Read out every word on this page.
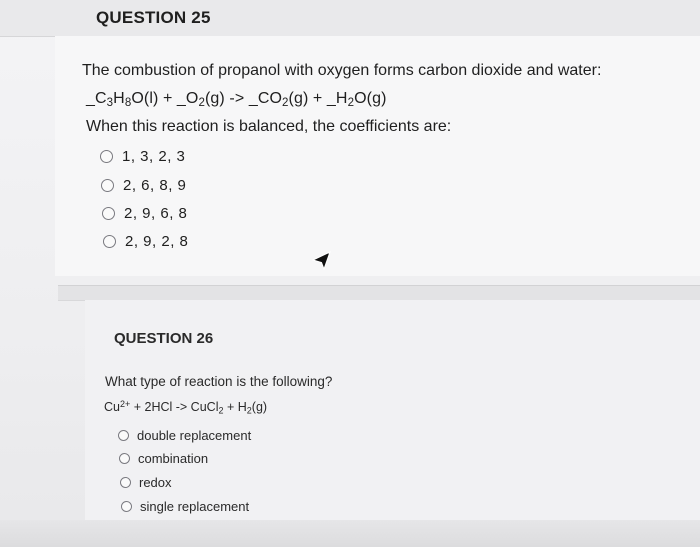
QUESTION 25
The combustion of propanol with oxygen forms carbon dioxide and water:
$\_C_3H_8O(l)$ + $\_O_2(g)$ -> $\_CO_2(g)$ + $\_H_2O(g)$
When this reaction is balanced, the coefficients are:
1, 3, 2, 3
2, 6, 8, 9
2, 9, 6, 8
2, 9, 2, 8
QUESTION 26
What type of reaction is the following?
$Cu^{2+} + 2HCl$ -> CuCl$_2$ + $H_2(g)$
double replacement
combination
redox
single replacement
